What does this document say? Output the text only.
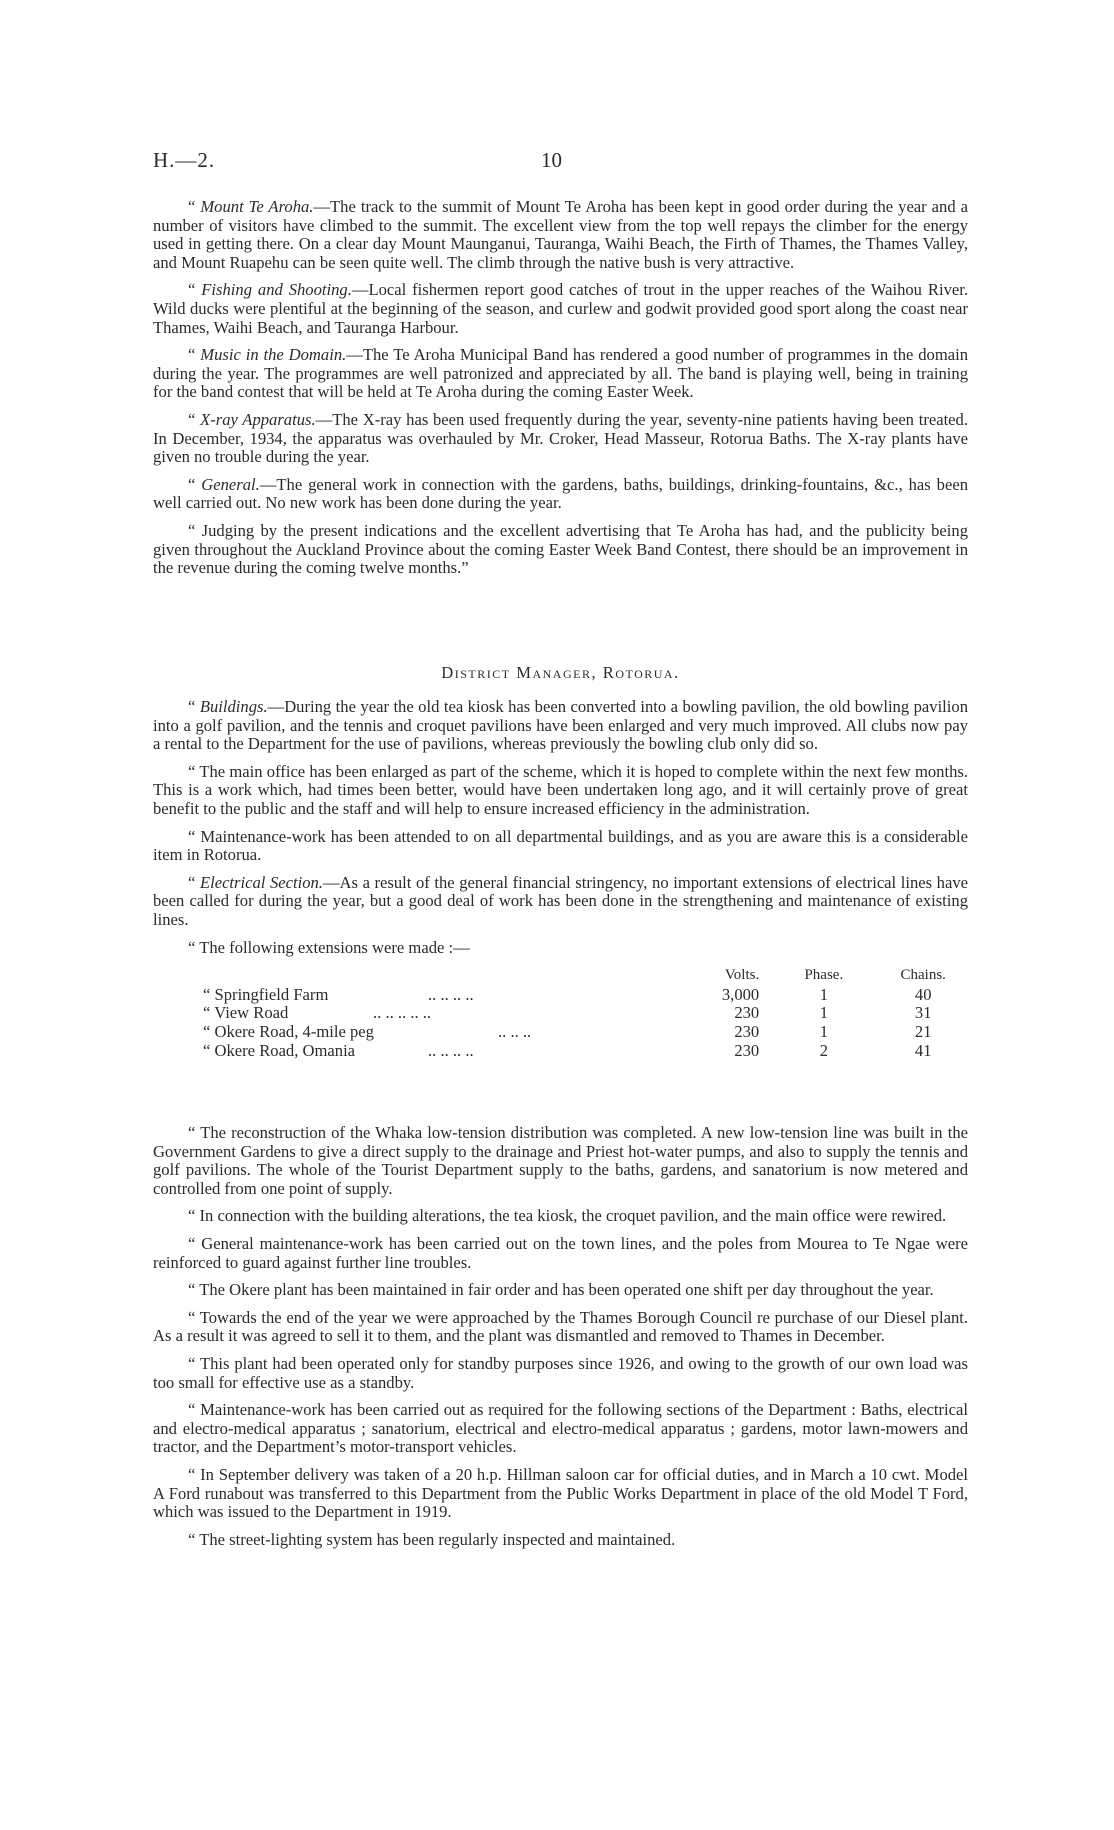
H.—2.	10

“ Mount Te Aroha.—The track to the summit of Mount Te Aroha has been kept in good order during the year and a number of visitors have climbed to the summit. The excellent view from the top well repays the climber for the energy used in getting there. On a clear day Mount Maunganui, Tauranga, Waihi Beach, the Firth of Thames, the Thames Valley, and Mount Ruapehu can be seen quite well. The climb through the native bush is very attractive.

“ Fishing and Shooting.—Local fishermen report good catches of trout in the upper reaches of the Waihou River. Wild ducks were plentiful at the beginning of the season, and curlew and godwit provided good sport along the coast near Thames, Waihi Beach, and Tauranga Harbour.

“ Music in the Domain.—The Te Aroha Municipal Band has rendered a good number of programmes in the domain during the year. The programmes are well patronized and appreciated by all. The band is playing well, being in training for the band contest that will be held at Te Aroha during the coming Easter Week.

“ X-ray Apparatus.—The X-ray has been used frequently during the year, seventy-nine patients having been treated. In December, 1934, the apparatus was overhauled by Mr. Croker, Head Masseur, Rotorua Baths. The X-ray plants have given no trouble during the year.

“ General.—The general work in connection with the gardens, baths, buildings, drinking-fountains, &c., has been well carried out. No new work has been done during the year.

“ Judging by the present indications and the excellent advertising that Te Aroha has had, and the publicity being given throughout the Auckland Province about the coming Easter Week Band Contest, there should be an improvement in the revenue during the coming twelve months.”

District Manager, Rotorua.

“ Buildings.—During the year the old tea kiosk has been converted into a bowling pavilion, the old bowling pavilion into a golf pavilion, and the tennis and croquet pavilions have been enlarged and very much improved. All clubs now pay a rental to the Department for the use of pavilions, whereas previously the bowling club only did so.

“ The main office has been enlarged as part of the scheme, which it is hoped to complete within the next few months. This is a work which, had times been better, would have been undertaken long ago, and it will certainly prove of great benefit to the public and the staff and will help to ensure increased efficiency in the administration.

“ Maintenance-work has been attended to on all departmental buildings, and as you are aware this is a considerable item in Rotorua.

“ Electrical Section.—As a result of the general financial stringency, no important extensions of electrical lines have been called for during the year, but a good deal of work has been done in the strengthening and maintenance of existing lines.

“ The following extensions were made :—

	Volts.	Phase.	Chains.
“ Springfield Farm .. .. .. ..	3,000	1	40
“ View Road .. .. .. .. ..	230	1	31
“ Okere Road, 4-mile peg .. .. ..	230	1	21
“ Okere Road, Omania .. .. .. ..	230	2	41

“ The reconstruction of the Whaka low-tension distribution was completed. A new low-tension line was built in the Government Gardens to give a direct supply to the drainage and Priest hot-water pumps, and also to supply the tennis and golf pavilions. The whole of the Tourist Department supply to the baths, gardens, and sanatorium is now metered and controlled from one point of supply.

“ In connection with the building alterations, the tea kiosk, the croquet pavilion, and the main office were rewired.

“ General maintenance-work has been carried out on the town lines, and the poles from Mourea to Te Ngae were reinforced to guard against further line troubles.

“ The Okere plant has been maintained in fair order and has been operated one shift per day throughout the year.

“ Towards the end of the year we were approached by the Thames Borough Council re purchase of our Diesel plant. As a result it was agreed to sell it to them, and the plant was dismantled and removed to Thames in December.

“ This plant had been operated only for standby purposes since 1926, and owing to the growth of our own load was too small for effective use as a standby.

“ Maintenance-work has been carried out as required for the following sections of the Department : Baths, electrical and electro-medical apparatus ; sanatorium, electrical and electro-medical apparatus ; gardens, motor lawn-mowers and tractor, and the Department’s motor-transport vehicles.

“ In September delivery was taken of a 20 h.p. Hillman saloon car for official duties, and in March a 10 cwt. Model A Ford runabout was transferred to this Department from the Public Works Department in place of the old Model T Ford, which was issued to the Department in 1919.

“ The street-lighting system has been regularly inspected and maintained.
